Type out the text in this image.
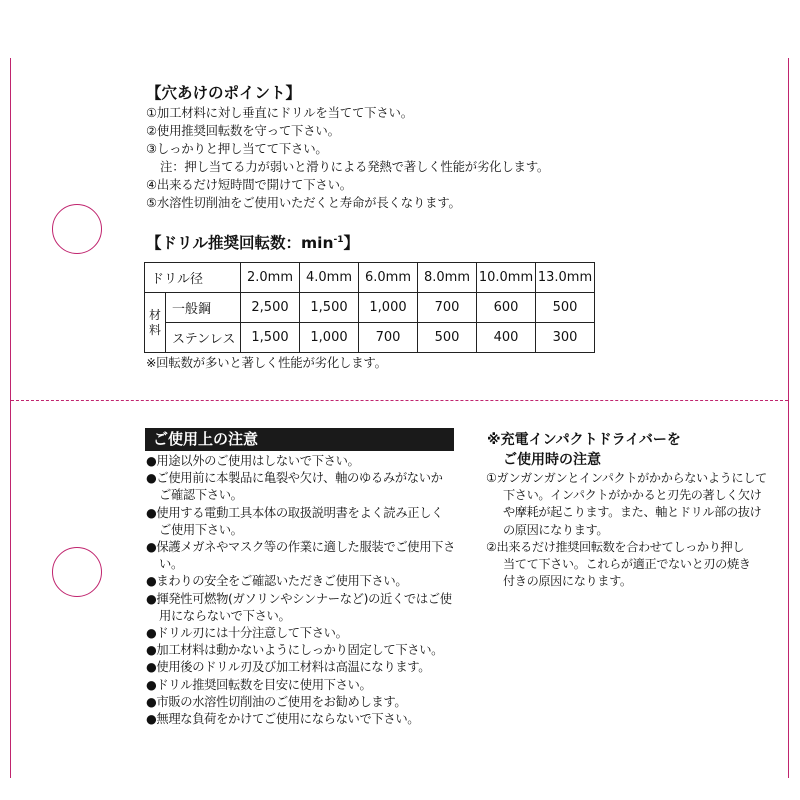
【穴あけのポイント】
①加工材料に対し垂直にドリルを当てて下さい。
②使用推奨回転数を守って下さい。
③しっかりと押し当てて下さい。
注：押し当てる力が弱いと滑りによる発熱で著しく性能が劣化します。
④出来るだけ短時間で開けて下さい。
⑤水溶性切削油をご使用いただくと寿命が長くなります。
【ドリル推奨回転数：$\min^{-1}$】
ドリル径		2.0mm	4.0mm	6.0mm	8.0mm	10.0mm	13.0mm
材
料	一般鋼	2,500	1,500	1,000	700	600	500
	ステンレス	1,500	1,000	700	500	400	300
※回転数が多いと著しく性能が劣化します。
ご使用上の注意
●用途以外のご使用はしないで下さい。
●ご使用前に本製品に亀裂や欠け、軸のゆるみがないか
ご確認下さい。
●使用する電動工具本体の取扱説明書をよく読み正しく
ご使用下さい。
●保護メガネやマスク等の作業に適した服装でご使用下さ
い。
●まわりの安全をご確認いただきご使用下さい。
●揮発性可燃物(ガソリンやシンナーなど)の近くではご使
用にならないで下さい。
●ドリル刃には十分注意して下さい。
●加工材料は動かないようにしっかり固定して下さい。
●使用後のドリル刃及び加工材料は高温になります。
●ドリル推奨回転数を目安に使用下さい。
●市販の水溶性切削油のご使用をお勧めします。
●無理な負荷をかけてご使用にならないで下さい。
※充電インパクトドライバーを
ご使用時の注意
①ガンガンガンとインパクトがかからないようにして
下さい。インパクトがかかると刃先の著しく欠け
や摩耗が起こります。また、軸とドリル部の抜け
の原因になります。
②出来るだけ推奨回転数を合わせてしっかり押し
当てて下さい。これらが適正でないと刃の焼き
付きの原因になります。
